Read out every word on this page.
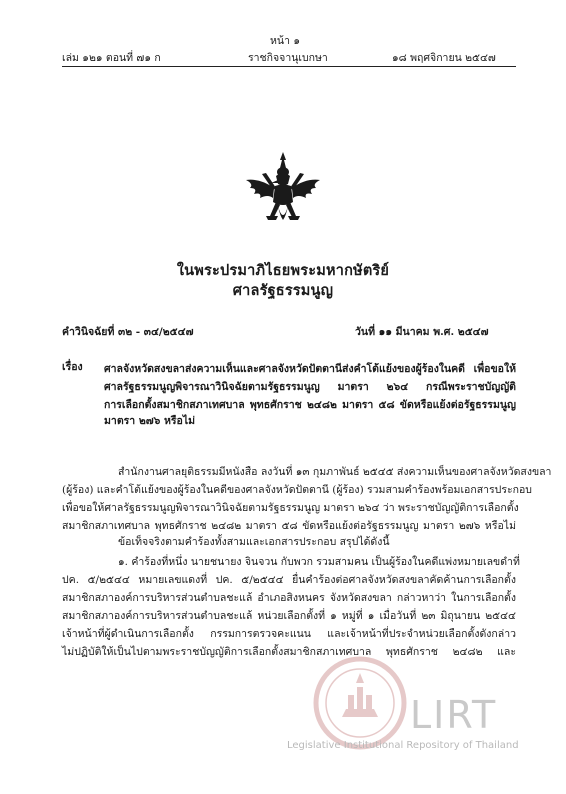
หน้า ๑
เล่ม ๑๒๑ ตอนที่ ๗๑ ก	ราชกิจจานุเบกษา	๑๘ พฤศจิกายน ๒๕๔๗
ในพระปรมาภิไธยพระมหากษัตริย์
ศาลรัฐธรรมนูญ
คำวินิจฉัยที่ ๓๒ - ๓๔/๒๕๔๗	วันที่ ๑๑ มีนาคม พ.ศ. ๒๕๔๗
เรื่อง ศาลจังหวัดสงขลาส่งความเห็นและศาลจังหวัดปัตตานีส่งคำโต้แย้งของผู้ร้องในคดี เพื่อขอให้
ศาลรัฐธรรมนูญพิจารณาวินิจฉัยตามรัฐธรรมนูญ มาตรา ๒๖๔ กรณีพระราชบัญญัติ
การเลือกตั้งสมาชิกสภาเทศบาล พุทธศักราช ๒๔๘๒ มาตรา ๕๘ ขัดหรือแย้งต่อรัฐธรรมนูญ
มาตรา ๒๗๖ หรือไม่
สำนักงานศาลยุติธรรมมีหนังสือ ลงวันที่ ๑๓ กุมภาพันธ์ ๒๕๔๕ ส่งความเห็นของศาลจังหวัดสงขลา
(ผู้ร้อง) และคำโต้แย้งของผู้ร้องในคดีของศาลจังหวัดปัตตานี (ผู้ร้อง) รวมสามคำร้องพร้อมเอกสารประกอบ
เพื่อขอให้ศาลรัฐธรรมนูญพิจารณาวินิจฉัยตามรัฐธรรมนูญ มาตรา ๒๖๔ ว่า พระราชบัญญัติการเลือกตั้ง
สมาชิกสภาเทศบาล พุทธศักราช ๒๔๘๒ มาตรา ๕๘ ขัดหรือแย้งต่อรัฐธรรมนูญ มาตรา ๒๗๖ หรือไม่
ข้อเท็จจริงตามคำร้องทั้งสามและเอกสารประกอบ สรุปได้ดังนี้
๑. คำร้องที่หนึ่ง นายชนายง จินจวน กับพวก รวมสามคน เป็นผู้ร้องในคดีแพ่งหมายเลขดำที่
ปค. ๕/๒๕๔๔ หมายเลขแดงที่ ปค. ๕/๒๕๔๔ ยื่นคำร้องต่อศาลจังหวัดสงขลาคัดค้านการเลือกตั้ง
สมาชิกสภาองค์การบริหารส่วนตำบลชะแล้ อำเภอสิงหนคร จังหวัดสงขลา กล่าวหาว่า ในการเลือกตั้ง
สมาชิกสภาองค์การบริหารส่วนตำบลชะแล้ หน่วยเลือกตั้งที่ ๑ หมู่ที่ ๑ เมื่อวันที่ ๒๓ มิถุนายน ๒๕๔๔
เจ้าหน้าที่ผู้ดำเนินการเลือกตั้ง กรรมการตรวจคะแนน และเจ้าหน้าที่ประจำหน่วยเลือกตั้งดังกล่าว
ไม่ปฏิบัติให้เป็นไปตามพระราชบัญญัติการเลือกตั้งสมาชิกสภาเทศบาล พุทธศักราช ๒๔๘๒ และ
LIRT
Legislative Institutional Repository of Thailand
